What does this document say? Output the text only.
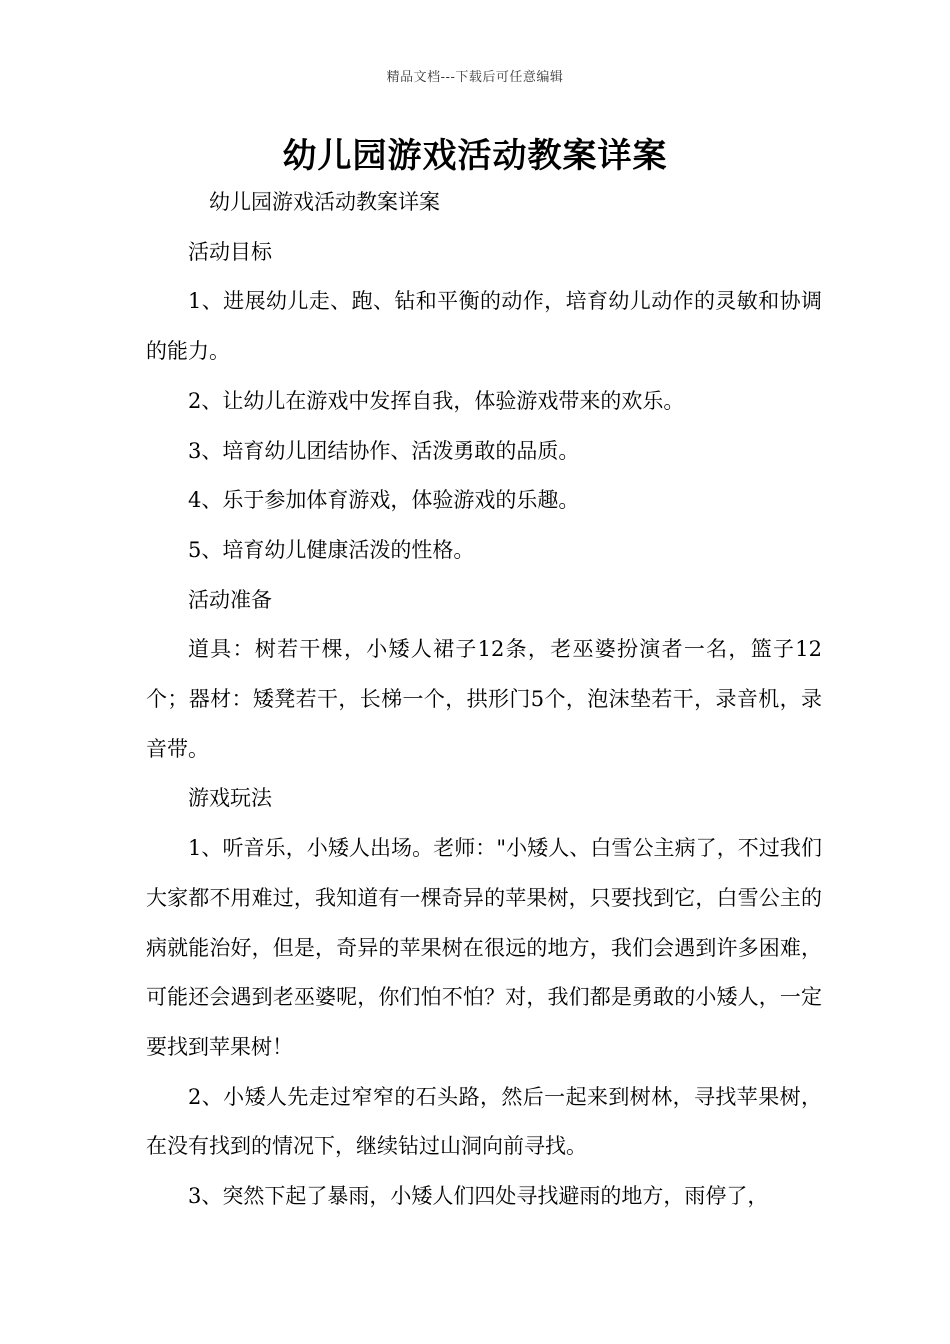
精品文档---下载后可任意编辑
幼儿园游戏活动教案详案

幼儿园游戏活动教案详案

活动目标

1、进展幼儿走、跑、钻和平衡的动作，培育幼儿动作的灵敏和协调的能力。

2、让幼儿在游戏中发挥自我，体验游戏带来的欢乐。

3、培育幼儿团结协作、活泼勇敢的品质。

4、乐于参加体育游戏，体验游戏的乐趣。

5、培育幼儿健康活泼的性格。

活动准备

道具：树若干棵，小矮人裙子12条，老巫婆扮演者一名，篮子12个；器材：矮凳若干，长梯一个，拱形门5个，泡沫垫若干，录音机，录音带。

游戏玩法

1、听音乐，小矮人出场。老师："小矮人、白雪公主病了，不过我们大家都不用难过，我知道有一棵奇异的苹果树，只要找到它，白雪公主的病就能治好，但是，奇异的苹果树在很远的地方，我们会遇到许多困难，可能还会遇到老巫婆呢，你们怕不怕？对，我们都是勇敢的小矮人，一定要找到苹果树！

2、小矮人先走过窄窄的石头路，然后一起来到树林，寻找苹果树，在没有找到的情况下，继续钻过山洞向前寻找。

3、突然下起了暴雨，小矮人们四处寻找避雨的地方，雨停了，
